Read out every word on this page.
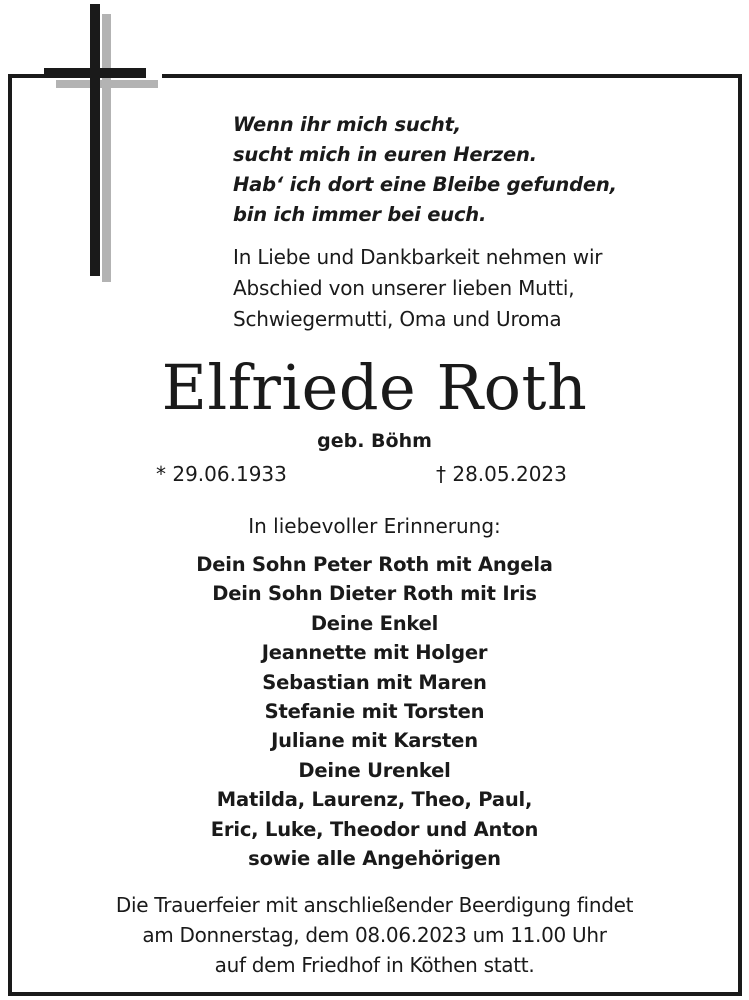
Wenn ihr mich sucht,
sucht mich in euren Herzen.
Hab‘ ich dort eine Bleibe gefunden,
bin ich immer bei euch.
In Liebe und Dankbarkeit nehmen wir
Abschied von unserer lieben Mutti,
Schwiegermutti, Oma und Uroma
Elfriede Roth
geb. Böhm
* 29.06.1933	† 28.05.2023
In liebevoller Erinnerung:
Dein Sohn Peter Roth mit Angela
Dein Sohn Dieter Roth mit Iris
Deine Enkel
Jeannette mit Holger
Sebastian mit Maren
Stefanie mit Torsten
Juliane mit Karsten
Deine Urenkel
Matilda, Laurenz, Theo, Paul,
Eric, Luke, Theodor und Anton
sowie alle Angehörigen
Die Trauerfeier mit anschließender Beerdigung findet
am Donnerstag, dem 08.06.2023 um 11.00 Uhr
auf dem Friedhof in Köthen statt.
